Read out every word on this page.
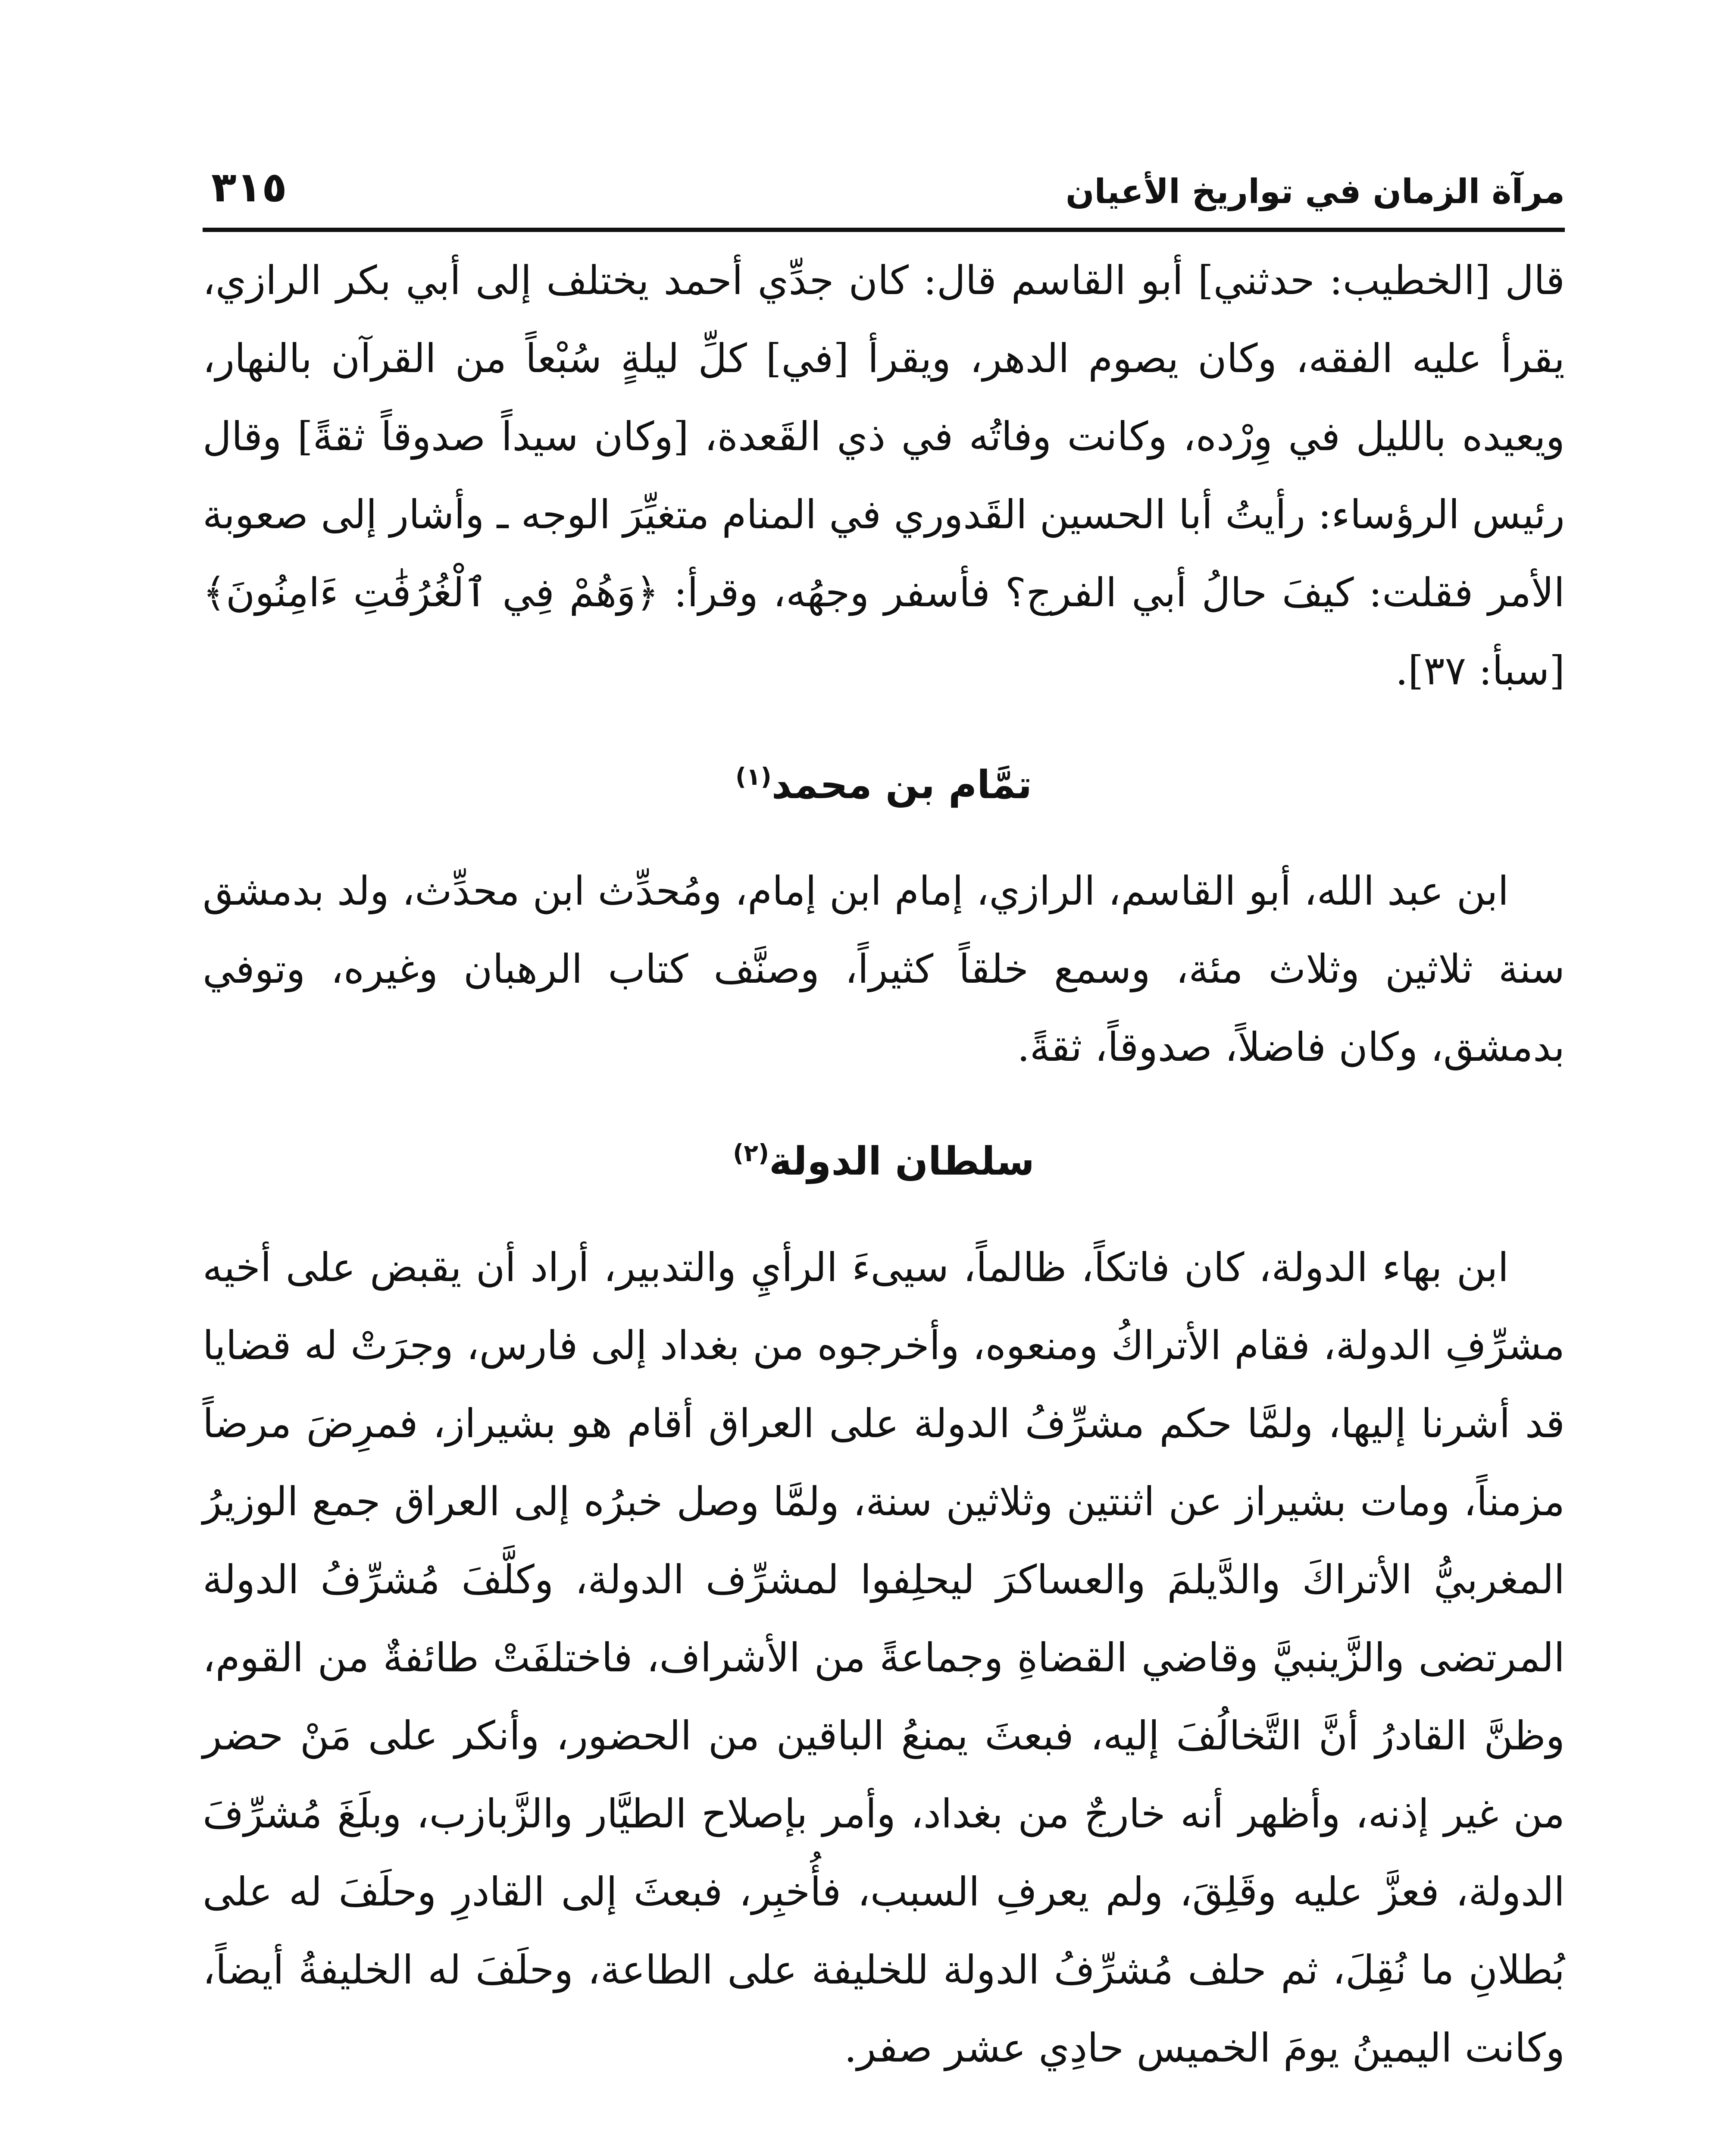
مرآة الزمان في تواريخ الأعيان
٣١٥

قال [الخطيب: حدثني] أبو القاسم قال: كان جدِّي أحمد يختلف إلى أبي بكر الرازي، يقرأ عليه الفقه، وكان يصوم الدهر، ويقرأ [في] كلِّ ليلةٍ سُبْعاً من القرآن بالنهار، ويعيده بالليل في وِرْده، وكانت وفاتُه في ذي القَعدة، [وكان سيداً صدوقاً ثقةً] وقال رئيس الرؤساء: رأيتُ أبا الحسين القَدوري في المنام متغيِّرَ الوجه ـ وأشار إلى صعوبة الأمر فقلت: كيفَ حالُ أبي الفرج؟ فأسفر وجهُه، وقرأ: ﴿وَهُمْ فِي ٱلْغُرُفَٰتِ ءَامِنُونَ﴾ [سبأ: ٣٧].

تمَّام بن محمد$^{(١)}$

ابن عبد الله، أبو القاسم، الرازي، إمام ابن إمام، ومُحدِّث ابن محدِّث، ولد بدمشق سنة ثلاثين وثلاث مئة، وسمع خلقاً كثيراً، وصنَّف كتاب الرهبان وغيره، وتوفي بدمشق، وكان فاضلاً، صدوقاً، ثقةً.

سلطان الدولة$^{(٢)}$

ابن بهاء الدولة، كان فاتكاً، ظالماً، سيىءَ الرأيِ والتدبير، أراد أن يقبض على أخيه مشرِّفِ الدولة، فقام الأتراكُ ومنعوه، وأخرجوه من بغداد إلى فارس، وجرَتْ له قضايا قد أشرنا إليها، ولمَّا حكم مشرِّفُ الدولة على العراق أقام هو بشيراز، فمرِضَ مرضاً مزمناً، ومات بشيراز عن اثنتين وثلاثين سنة، ولمَّا وصل خبرُه إلى العراق جمع الوزيرُ المغربيُّ الأتراكَ والدَّيلمَ والعساكرَ ليحلِفوا لمشرِّف الدولة، وكلَّفَ مُشرِّفُ الدولة المرتضى والزَّينبيَّ وقاضي القضاةِ وجماعةً من الأشراف، فاختلفَتْ طائفةٌ من القوم، وظنَّ القادرُ أنَّ التَّخالُفَ إليه، فبعثَ يمنعُ الباقين من الحضور، وأنكر على مَنْ حضر من غير إذنه، وأظهر أنه خارجٌ من بغداد، وأمر بإصلاح الطيَّار والزَّبازب، وبلَغَ مُشرِّفَ الدولة، فعزَّ عليه وقَلِقَ، ولم يعرفِ السبب، فأُخبِر، فبعثَ إلى القادرِ وحلَفَ له على بُطلانِ ما نُقِلَ، ثم حلف مُشرِّفُ الدولة للخليفة على الطاعة، وحلَفَ له الخليفةُ أيضاً، وكانت اليمينُ يومَ الخميس حادِي عشر صفر.
